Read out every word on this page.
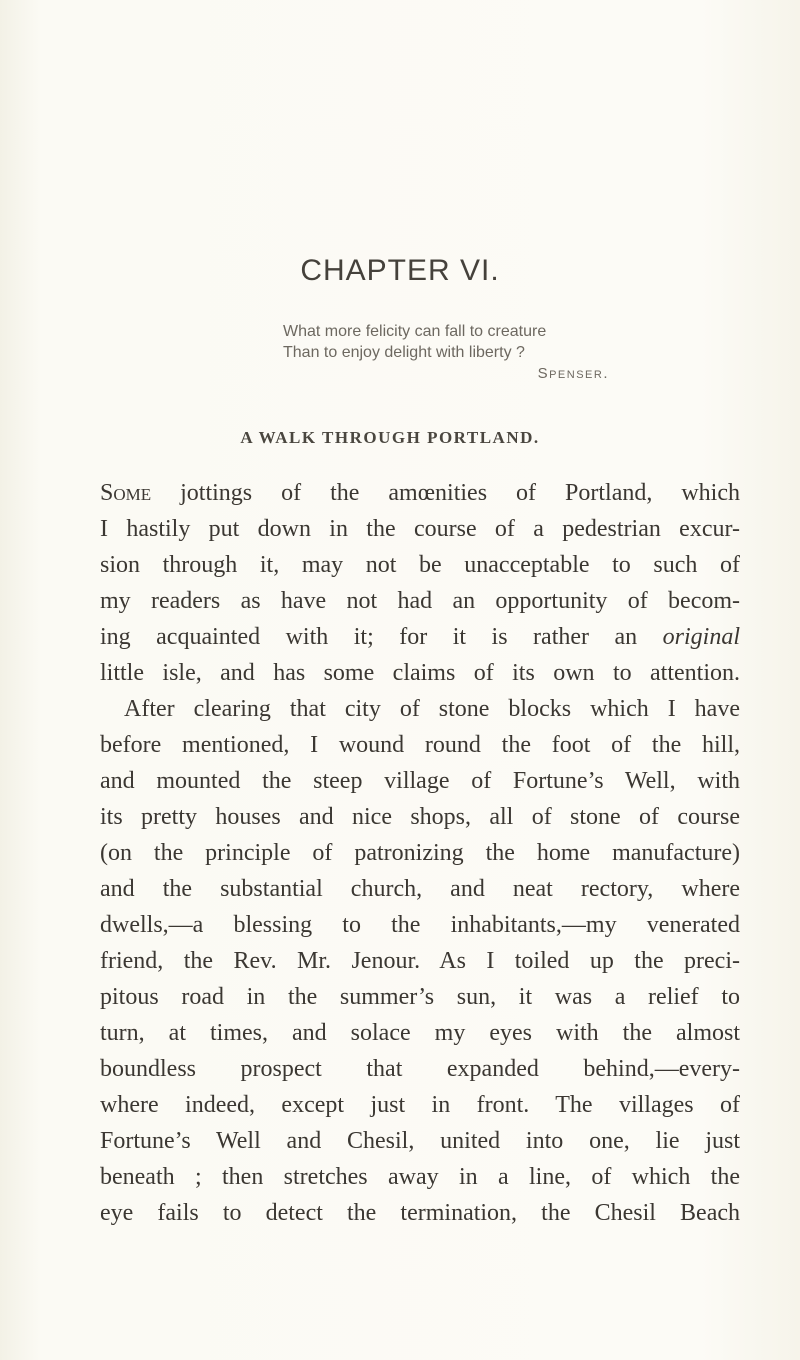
CHAPTER VI.
What more felicity can fall to creature
Than to enjoy delight with liberty ?
Spenser.
A WALK THROUGH PORTLAND.
Some jottings of the amœnities of Portland, which
I hastily put down in the course of a pedestrian excur-
sion through it, may not be unacceptable to such of
my readers as have not had an opportunity of becom-
ing acquainted with it; for it is rather an original
little isle, and has some claims of its own to attention.
After clearing that city of stone blocks which I have
before mentioned, I wound round the foot of the hill,
and mounted the steep village of Fortune’s Well, with
its pretty houses and nice shops, all of stone of course
(on the principle of patronizing the home manufacture)
and the substantial church, and neat rectory, where
dwells,—a blessing to the inhabitants,—my venerated
friend, the Rev. Mr. Jenour. As I toiled up the preci-
pitous road in the summer’s sun, it was a relief to
turn, at times, and solace my eyes with the almost
boundless prospect that expanded behind,—every-
where indeed, except just in front. The villages of
Fortune’s Well and Chesil, united into one, lie just
beneath ; then stretches away in a line, of which the
eye fails to detect the termination, the Chesil Beach
